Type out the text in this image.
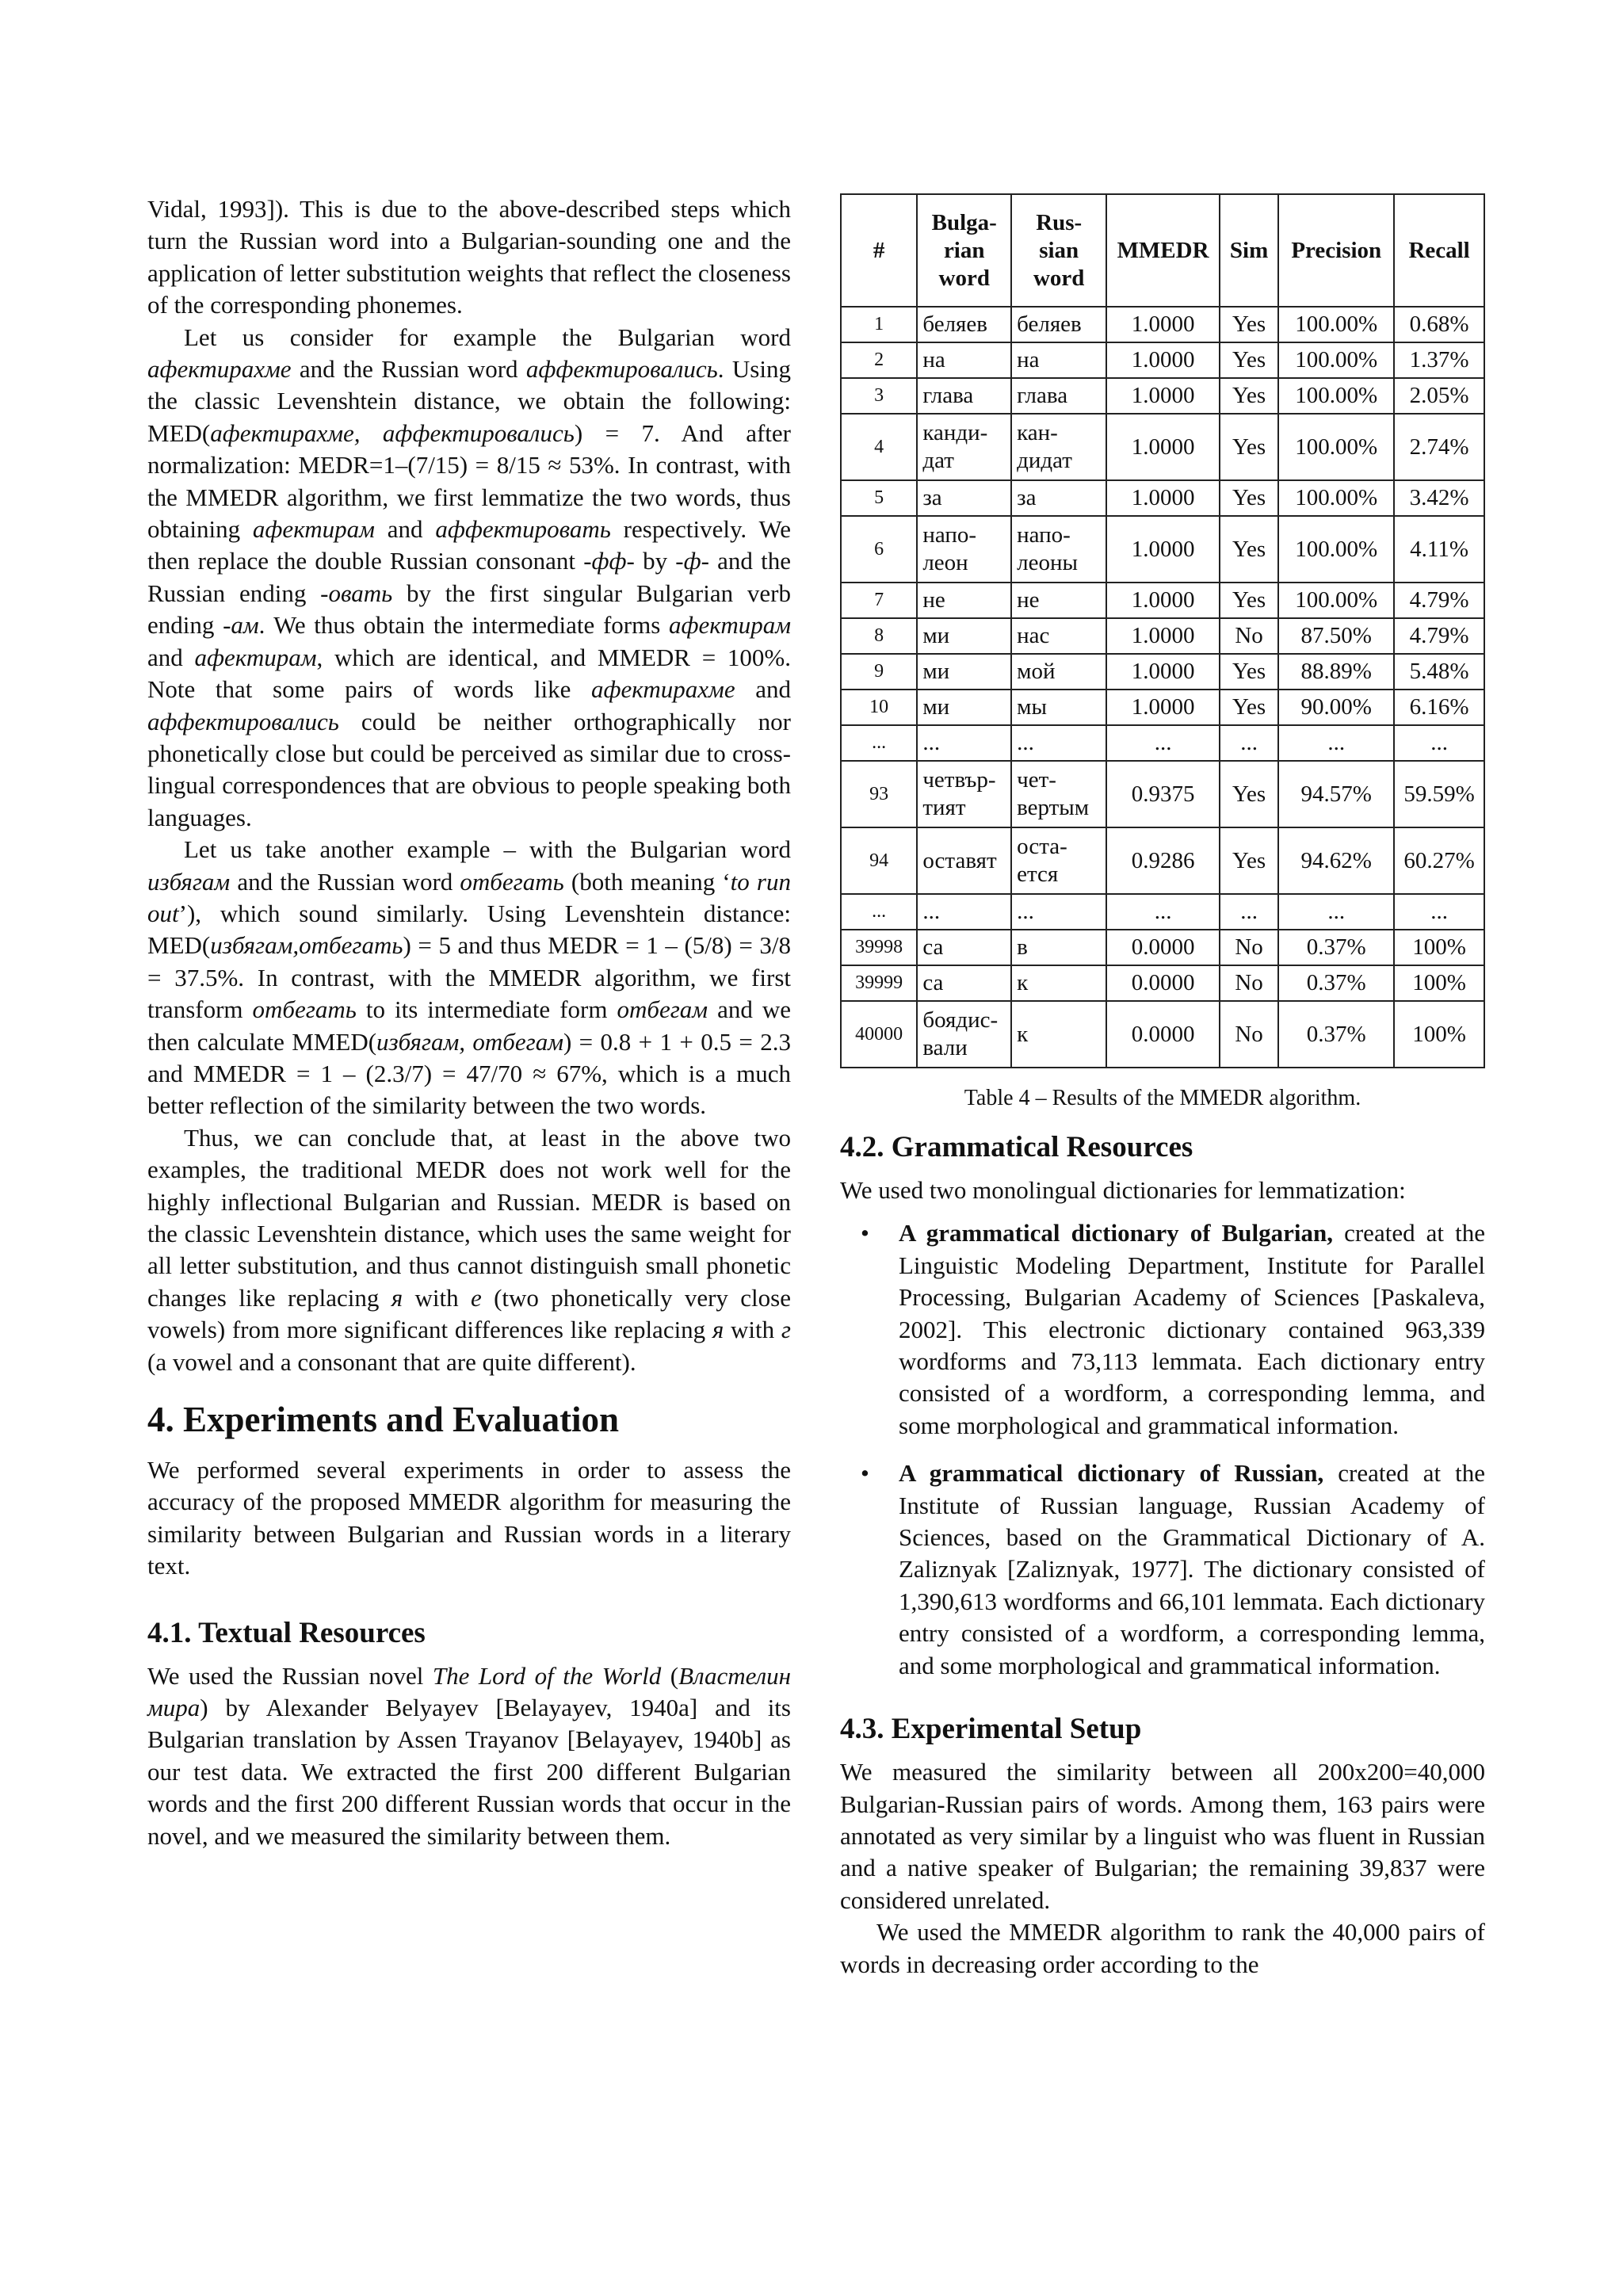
Vidal, 1993]). This is due to the above-described steps which turn the Russian word into a Bulgarian-sounding one and the application of letter substitution weights that reflect the closeness of the corresponding phonemes.

Let us consider for example the Bulgarian word афектирахме and the Russian word аффектировались. Using the classic Levenshtein distance, we obtain the following: MED(афектирахме, аффектировались) = 7. And after normalization: MEDR=1–(7/15) = 8/15 ≈ 53%. In contrast, with the MMEDR algorithm, we first lemmatize the two words, thus obtaining афектирам and аффектировать respectively. We then replace the double Russian consonant -фф- by -ф- and the Russian ending -овать by the first singular Bulgarian verb ending -ам. We thus obtain the intermediate forms афектирам and афектирам, which are identical, and MMEDR = 100%. Note that some pairs of words like афектирахме and аффектировались could be neither orthographically nor phonetically close but could be perceived as similar due to cross-lingual correspondences that are obvious to people speaking both languages.

Let us take another example – with the Bulgarian word избягам and the Russian word отбегать (both meaning ‘to run out’), which sound similarly. Using Levenshtein distance: MED(избягам,отбегать) = 5 and thus MEDR = 1 – (5/8) = 3/8 = 37.5%. In contrast, with the MMEDR algorithm, we first transform отбегать to its intermediate form отбегам and we then calculate MMED(избягам, отбегам) = 0.8 + 1 + 0.5 = 2.3 and MMEDR = 1 – (2.3/7) = 47/70 ≈ 67%, which is a much better reflection of the similarity between the two words.

Thus, we can conclude that, at least in the above two examples, the traditional MEDR does not work well for the highly inflectional Bulgarian and Russian. MEDR is based on the classic Levenshtein distance, which uses the same weight for all letter substitution, and thus cannot distinguish small phonetic changes like replacing я with е (two phonetically very close vowels) from more significant differences like replacing я with г (a vowel and a consonant that are quite different).

4. Experiments and Evaluation

We performed several experiments in order to assess the accuracy of the proposed MMEDR algorithm for measuring the similarity between Bulgarian and Russian words in a literary text.

4.1. Textual Resources

We used the Russian novel The Lord of the World (Властелин мира) by Alexander Belyayev [Belayayev, 1940a] and its Bulgarian translation by Assen Trayanov [Belayayev, 1940b] as our test data. We extracted the first 200 different Bulgarian words and the first 200 different Russian words that occur in the novel, and we measured the similarity between them.

#	Bulga-rian word	Rus-sian word	MMEDR	Sim	Precision	Recall
1	беляев	беляев	1.0000	Yes	100.00%	0.68%
2	на	на	1.0000	Yes	100.00%	1.37%
3	глава	глава	1.0000	Yes	100.00%	2.05%
4	канди-дат	кан-дидат	1.0000	Yes	100.00%	2.74%
5	за	за	1.0000	Yes	100.00%	3.42%
6	напо-леон	напо-леоны	1.0000	Yes	100.00%	4.11%
7	не	не	1.0000	Yes	100.00%	4.79%
8	ми	нас	1.0000	No	87.50%	4.79%
9	ми	мой	1.0000	Yes	88.89%	5.48%
10	ми	мы	1.0000	Yes	90.00%	6.16%
...	...	...	...	...	...	...
93	четвър-тият	чет-вертым	0.9375	Yes	94.57%	59.59%
94	оставят	оста-ется	0.9286	Yes	94.62%	60.27%
...	...	...	...	...	...	...
39998	са	в	0.0000	No	0.37%	100%
39999	са	к	0.0000	No	0.37%	100%
40000	боядис-вали	к	0.0000	No	0.37%	100%
Table 4 – Results of the MMEDR algorithm.
4.2. Grammatical Resources

We used two monolingual dictionaries for lemmatization:

• A grammatical dictionary of Bulgarian, created at the Linguistic Modeling Department, Institute for Parallel Processing, Bulgarian Academy of Sciences [Paskaleva, 2002]. This electronic dictionary contained 963,339 wordforms and 73,113 lemmata. Each dictionary entry consisted of a wordform, a corresponding lemma, and some morphological and grammatical information.
• A grammatical dictionary of Russian, created at the Institute of Russian language, Russian Academy of Sciences, based on the Grammatical Dictionary of A. Zaliznyak [Zaliznyak, 1977]. The dictionary consisted of 1,390,613 wordforms and 66,101 lemmata. Each dictionary entry consisted of a wordform, a corresponding lemma, and some morphological and grammatical information.
4.3. Experimental Setup

We measured the similarity between all 200x200=40,000 Bulgarian-Russian pairs of words. Among them, 163 pairs were annotated as very similar by a linguist who was fluent in Russian and a native speaker of Bulgarian; the remaining 39,837 were considered unrelated.

We used the MMEDR algorithm to rank the 40,000 pairs of words in decreasing order according to the
